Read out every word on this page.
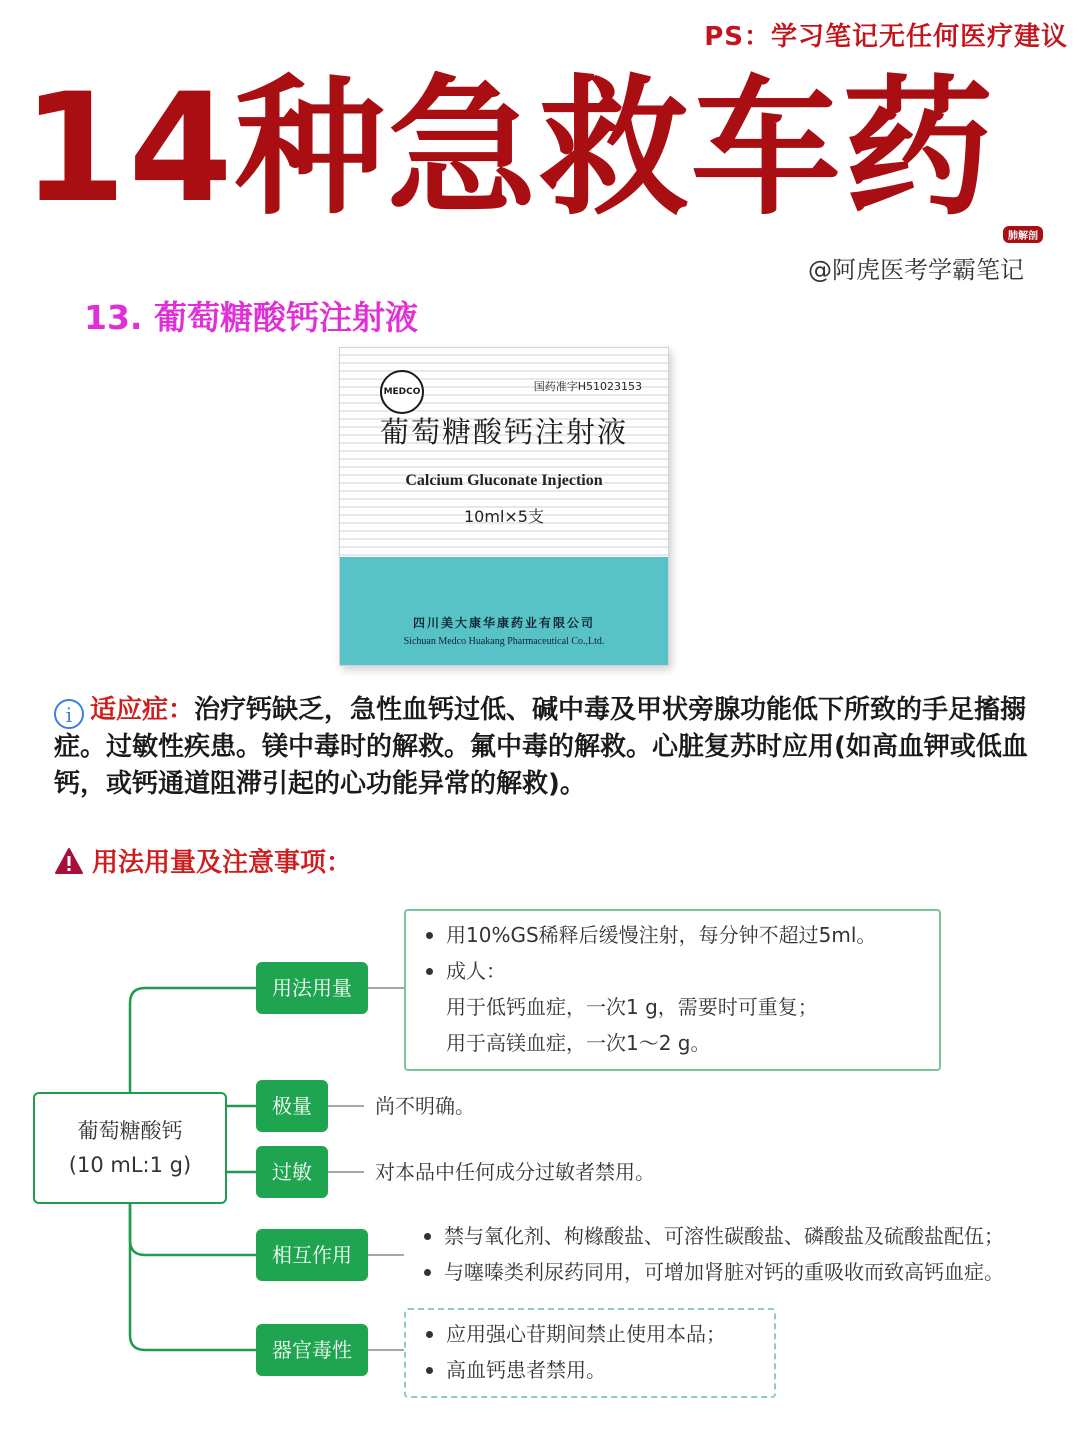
PS：学习笔记无任何医疗建议
14种急救车药
肺解剖
@阿虎医考学霸笔记
13. 葡萄糖酸钙注射液
MEDCO	国药准字H51023153
葡萄糖酸钙注射液
Calcium Gluconate Injection
10ml×5支
四川美大康华康药业有限公司
Sichuan Medco Huakang Pharmaceutical Co.,Ltd.
i 适应症：治疗钙缺乏，急性血钙过低、碱中毒及甲状旁腺功能低下所致的手足搐搦症。过敏性疾患。镁中毒时的解救。氟中毒的解救。心脏复苏时应用(如高血钾或低血钙，或钙通道阻滞引起的心功能异常的解救)。
用法用量及注意事项：
葡萄糖酸钙
(10 mL:1 g)
用法用量
极量
过敏
相互作用
器官毒性
用10%GS稀释后缓慢注射，每分钟不超过5ml。
成人：
用于低钙血症，一次1 g，需要时可重复；
用于高镁血症，一次1～2 g。
尚不明确。
对本品中任何成分过敏者禁用。
禁与氧化剂、枸橼酸盐、可溶性碳酸盐、磷酸盐及硫酸盐配伍；
与噻嗪类利尿药同用，可增加肾脏对钙的重吸收而致高钙血症。
应用强心苷期间禁止使用本品；
高血钙患者禁用。
